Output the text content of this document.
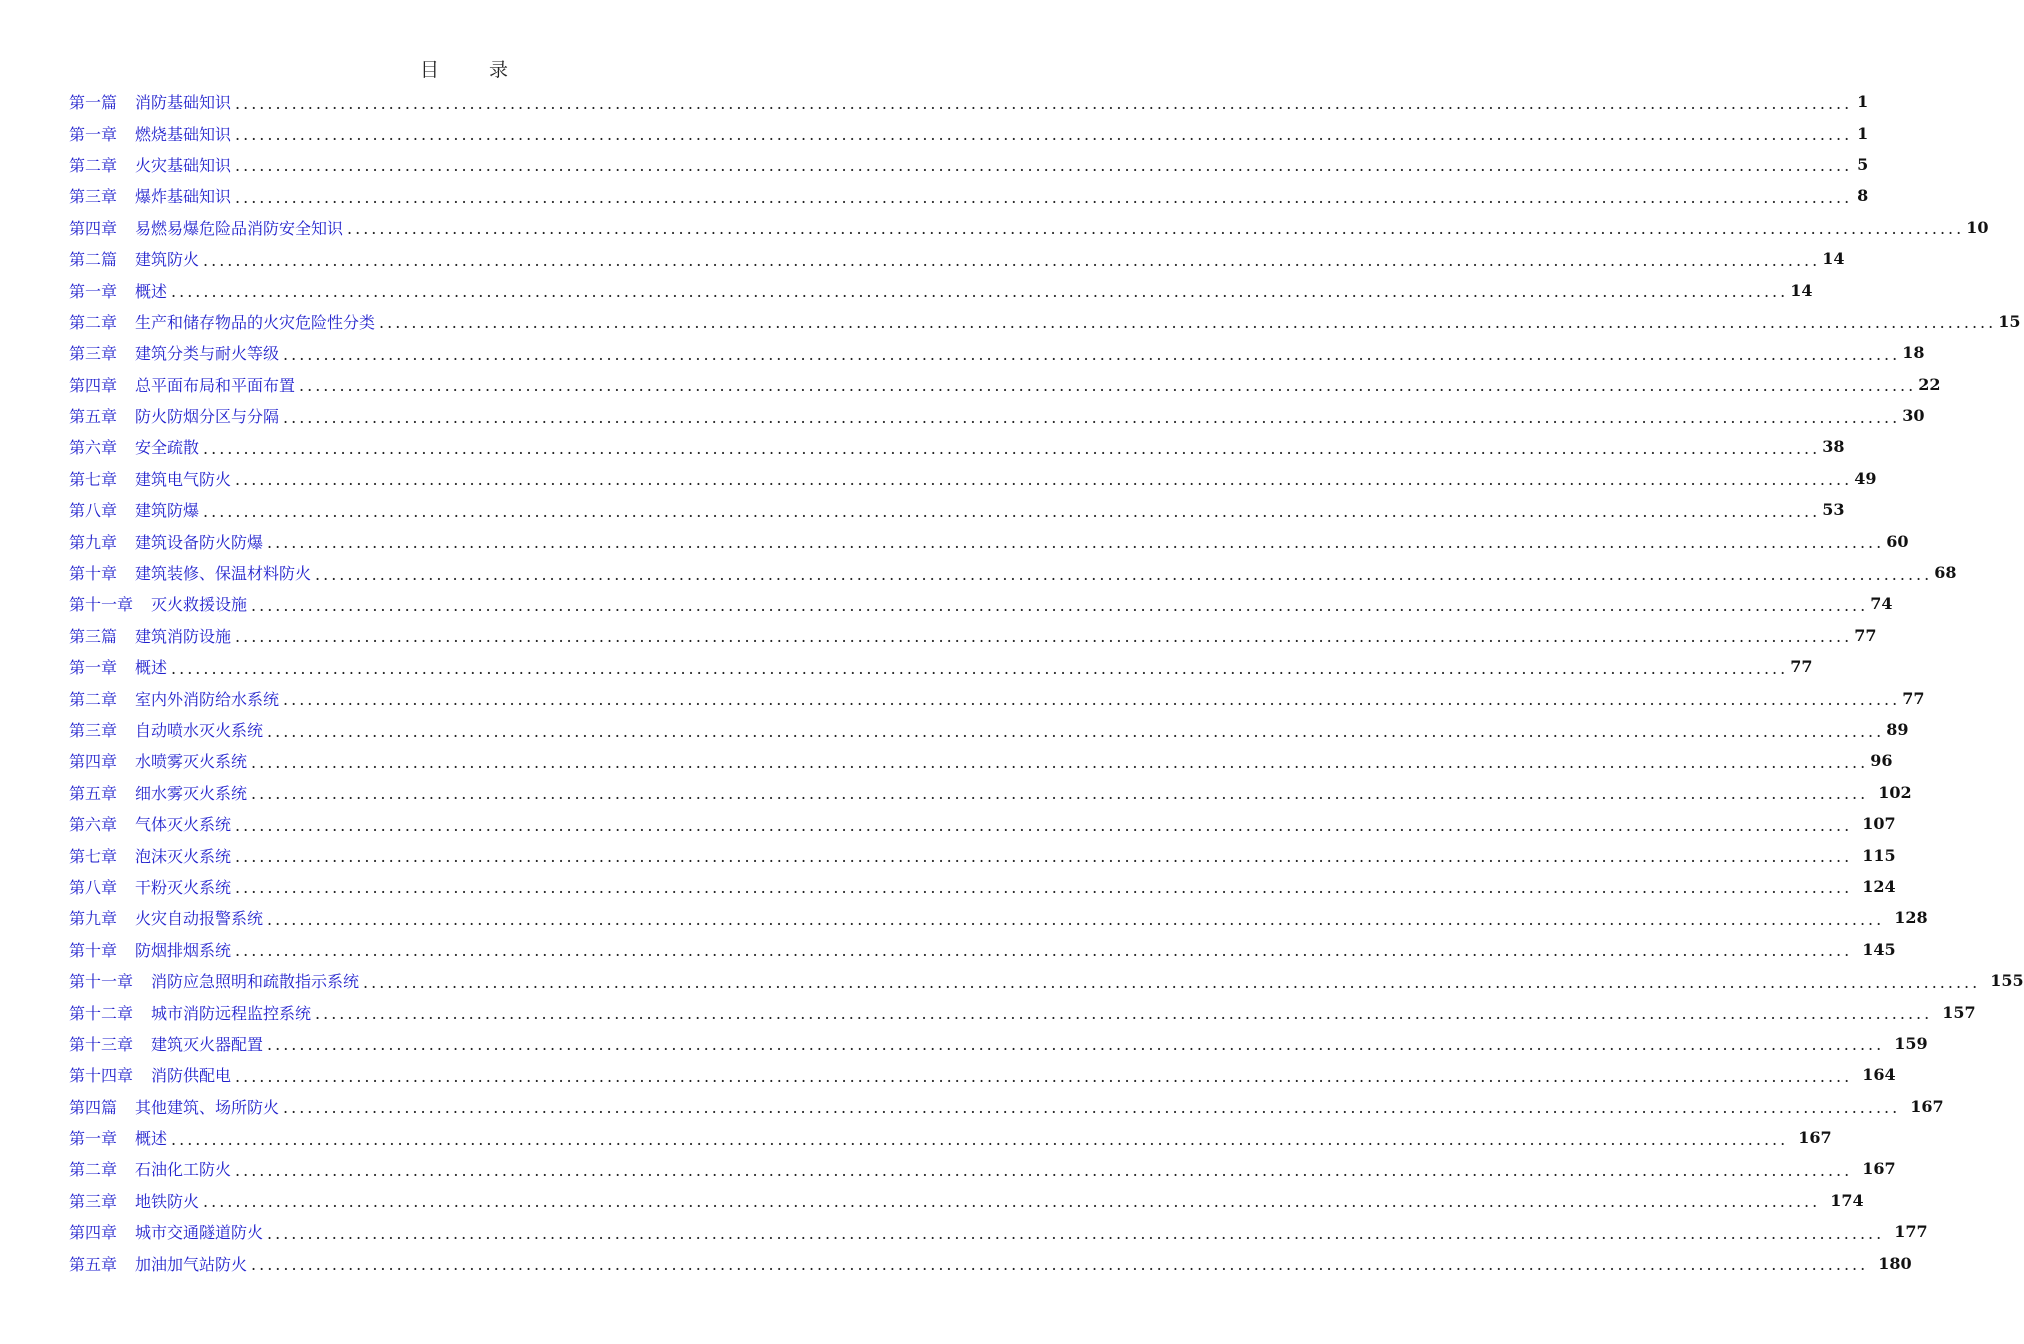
目 录
第一篇 消防基础知识 ........................................................................................................................................................................................................ 1
第一章 燃烧基础知识 ........................................................................................................................................................................................................ 1
第二章 火灾基础知识 ........................................................................................................................................................................................................ 5
第三章 爆炸基础知识 ........................................................................................................................................................................................................ 8
第四章 易燃易爆危险品消防安全知识 ........................................................................................................................................................................................................ 10
第二篇 建筑防火 ........................................................................................................................................................................................................ 14
第一章 概述 ........................................................................................................................................................................................................ 14
第二章 生产和储存物品的火灾危险性分类 ........................................................................................................................................................................................................ 15
第三章 建筑分类与耐火等级 ........................................................................................................................................................................................................ 18
第四章 总平面布局和平面布置 ........................................................................................................................................................................................................ 22
第五章 防火防烟分区与分隔 ........................................................................................................................................................................................................ 30
第六章 安全疏散 ........................................................................................................................................................................................................ 38
第七章 建筑电气防火 ........................................................................................................................................................................................................ 49
第八章 建筑防爆 ........................................................................................................................................................................................................ 53
第九章 建筑设备防火防爆 ........................................................................................................................................................................................................ 60
第十章 建筑装修、保温材料防火 ........................................................................................................................................................................................................ 68
第十一章 灭火救援设施 ........................................................................................................................................................................................................ 74
第三篇 建筑消防设施 ........................................................................................................................................................................................................ 77
第一章 概述 ........................................................................................................................................................................................................ 77
第二章 室内外消防给水系统 ........................................................................................................................................................................................................ 77
第三章 自动喷水灭火系统 ........................................................................................................................................................................................................ 89
第四章 水喷雾灭火系统 ........................................................................................................................................................................................................ 96
第五章 细水雾灭火系统 ........................................................................................................................................................................................................ 102
第六章 气体灭火系统 ........................................................................................................................................................................................................ 107
第七章 泡沫灭火系统 ........................................................................................................................................................................................................ 115
第八章 干粉灭火系统 ........................................................................................................................................................................................................ 124
第九章 火灾自动报警系统 ........................................................................................................................................................................................................ 128
第十章 防烟排烟系统 ........................................................................................................................................................................................................ 145
第十一章 消防应急照明和疏散指示系统 ........................................................................................................................................................................................................ 155
第十二章 城市消防远程监控系统 ........................................................................................................................................................................................................ 157
第十三章 建筑灭火器配置 ........................................................................................................................................................................................................ 159
第十四章 消防供配电 ........................................................................................................................................................................................................ 164
第四篇 其他建筑、场所防火 ........................................................................................................................................................................................................ 167
第一章 概述 ........................................................................................................................................................................................................ 167
第二章 石油化工防火 ........................................................................................................................................................................................................ 167
第三章 地铁防火 ........................................................................................................................................................................................................ 174
第四章 城市交通隧道防火 ........................................................................................................................................................................................................ 177
第五章 加油加气站防火 ........................................................................................................................................................................................................ 180
